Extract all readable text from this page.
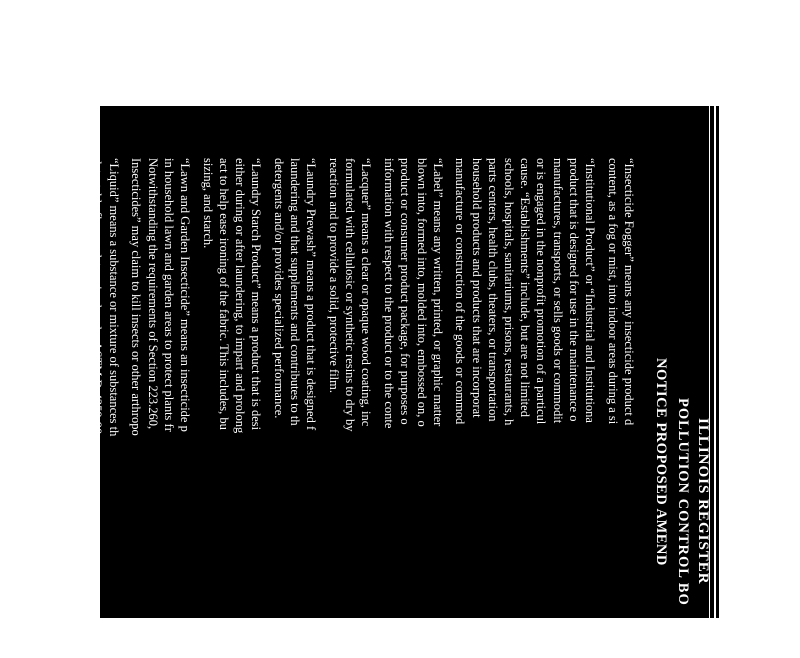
ILLINOIS REGISTER
POLLUTION CONTROL BO
NOTICE PROPOSED AMEND
“Insecticide Fogger” means any insecticide product d
content, as a fog or mist, into indoor areas during a si
“Institutional Product” or “Industrial and Institutiona
product that is designed for use in the maintenance o
manufactures, transports, or sells goods or commodit
or is engaged in the nonprofit promotion of a particul
cause. “Establishments” include, but are not limited
schools, hospitals, sanitariums, prisons, restaurants, h
parts centers, health clubs, theaters, or transportation
household products and products that are incorporat
manufacture or construction of the goods or commod
“Label” means any written, printed, or graphic matter
blown into, formed into, molded into, embossed on, o
product or consumer product package, for purposes o
information with respect to the product or to the conte
“Lacquer” means a clear or opaque wood coating, inc
formulated with cellulosic or synthetic resins to dry by
reaction and to provide a solid, protective film.
“Laundry Prewash” means a product that is designed f
laundering and that supplements and contributes to th
detergents and/or provides specialized performance.
“Laundry Starch Product” means a product that is desi
either during or after laundering, to impart and prolong
act to help ease ironing of the fabric. This includes, bu
sizing, and starch.
“Lawn and Garden Insecticide” means an insecticide p
in household lawn and garden areas to protect plants fr
Notwithstanding the requirements of Section 223.260,
Insecticides” may claim to kill insects or other arthropo
“Liquid” means a substance or mixture of substances th
detectable flow as determined under ASTM D-4359-90
Section 223.120, or an equivalent method approved by
Board. This does not include powders or other materia
